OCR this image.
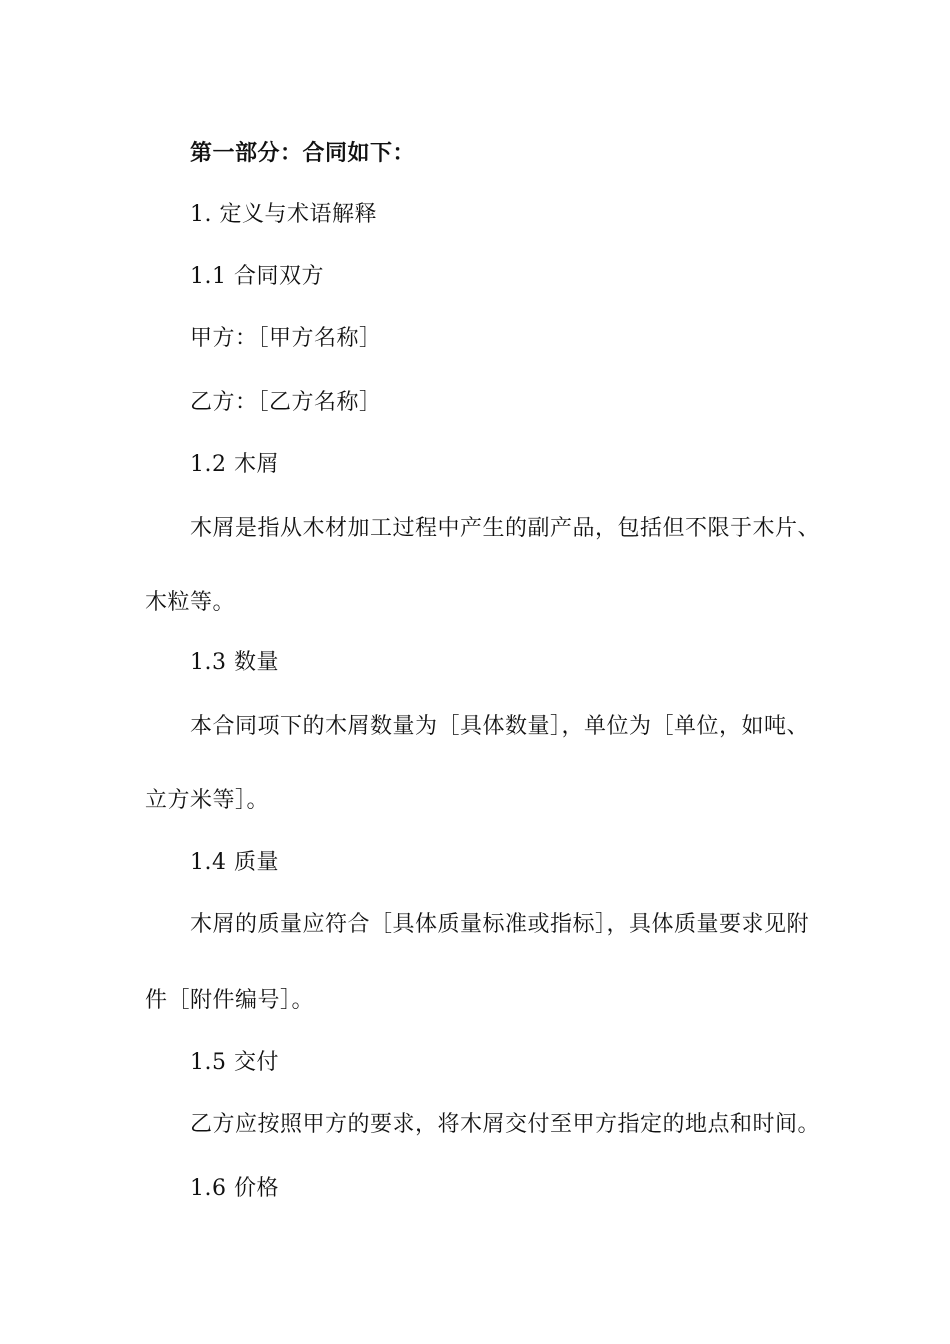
第一部分：合同如下：
1. 定义与术语解释
1.1 合同双方
甲方：［甲方名称］
乙方：［乙方名称］
1.2 木屑
木屑是指从木材加工过程中产生的副产品，包括但不限于木片、
木粒等。
1.3 数量
本合同项下的木屑数量为［具体数量］，单位为［单位，如吨、
立方米等］。
1.4 质量
木屑的质量应符合［具体质量标准或指标］，具体质量要求见附
件［附件编号］。
1.5 交付
乙方应按照甲方的要求，将木屑交付至甲方指定的地点和时间。
1.6 价格
